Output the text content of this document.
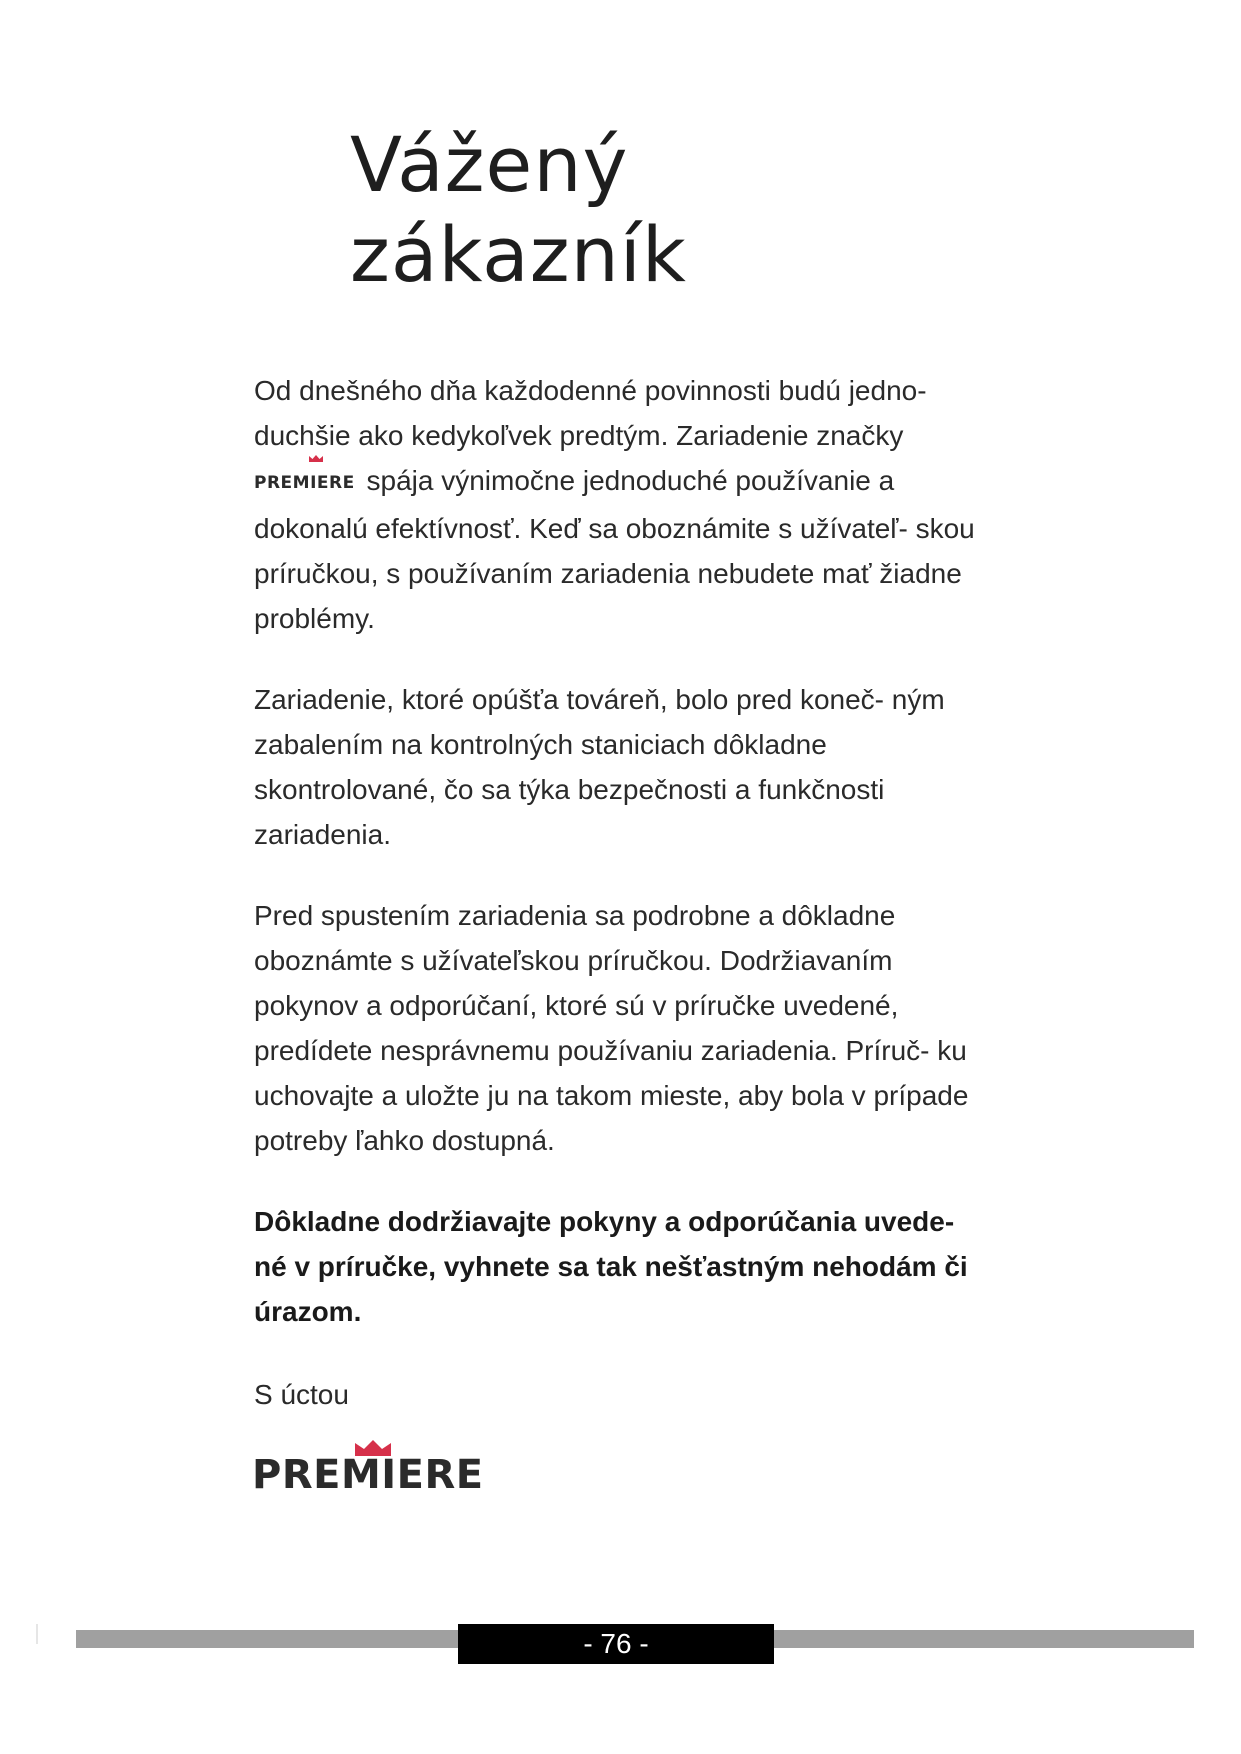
Vážený
zákazník

Od dnešného dňa každodenné povinnosti budú jedno- duchšie ako kedykoľvek predtým. Zariadenie značky
PREMIERE spája výnimočne jednoduché používanie a dokonalú efektívnosť. Keď sa oboznámite s užívateľ- skou príručkou, s používaním zariadenia nebudete mať žiadne problémy.

Zariadenie, ktoré opúšťa továreň, bolo pred koneč- ným zabalením na kontrolných staniciach dôkladne skontrolované, čo sa týka bezpečnosti a funkčnosti zariadenia.

Pred spustením zariadenia sa podrobne a dôkladne oboznámte s užívateľskou príručkou. Dodržiavaním pokynov a odporúčaní, ktoré sú v príručke uvedené, predídete nesprávnemu používaniu zariadenia. Príruč- ku uchovajte a uložte ju na takom mieste, aby bola v prípade potreby ľahko dostupná.

Dôkladne dodržiavajte pokyny a odporúčania uvede- né v príručke, vyhnete sa tak nešťastným nehodám či úrazom.

S úctou
PREMIERE
- 76 -
